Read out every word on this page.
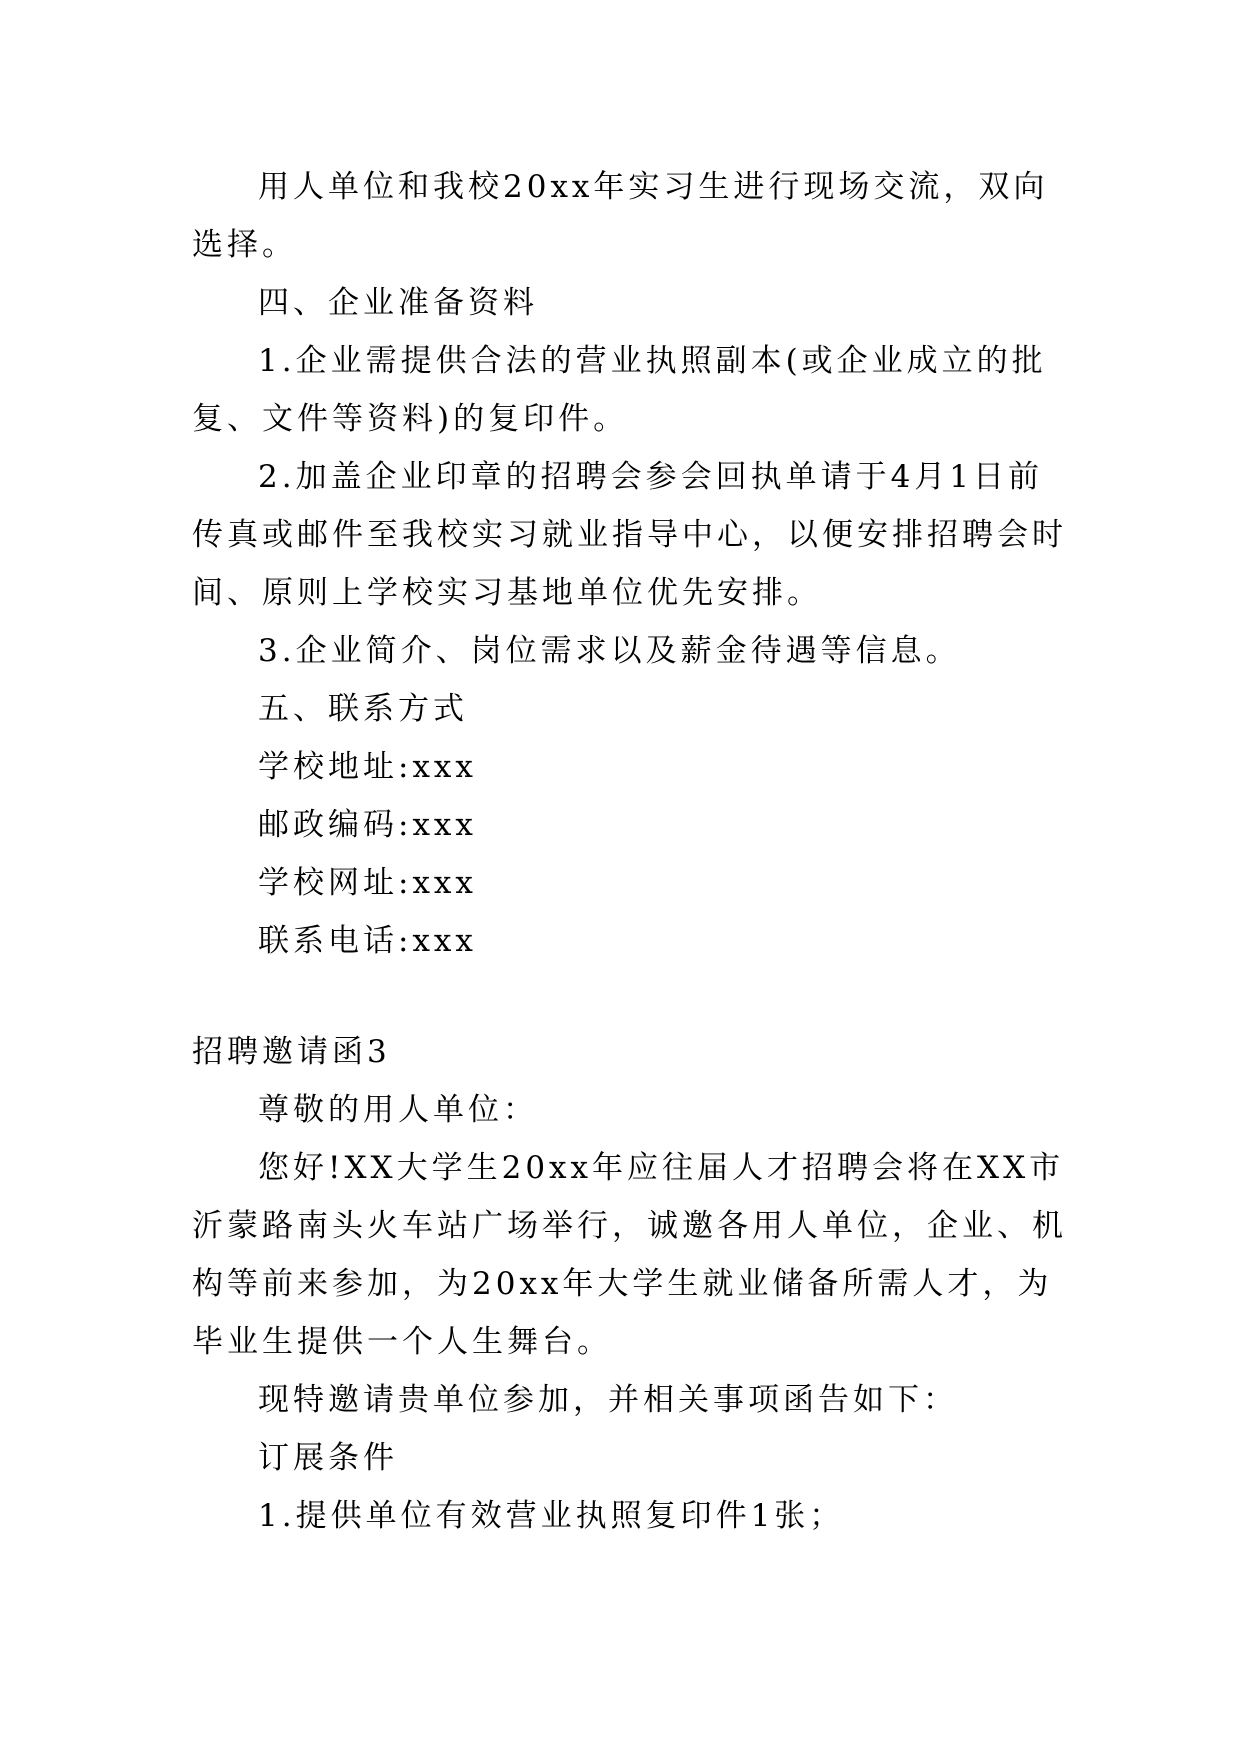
用人单位和我校20xx年实习生进行现场交流，双向选择。

四、企业准备资料

1.企业需提供合法的营业执照副本(或企业成立的批复、文件等资料)的复印件。

2.加盖企业印章的招聘会参会回执单请于4月1日前传真或邮件至我校实习就业指导中心，以便安排招聘会时间、原则上学校实习基地单位优先安排。

3.企业简介、岗位需求以及薪金待遇等信息。

五、联系方式

学校地址:xxx

邮政编码:xxx

学校网址:xxx

联系电话:xxx

招聘邀请函3

尊敬的用人单位：

您好!XX大学生20xx年应往届人才招聘会将在XX市沂蒙路南头火车站广场举行，诚邀各用人单位，企业、机构等前来参加，为20xx年大学生就业储备所需人才，为毕业生提供一个人生舞台。

现特邀请贵单位参加，并相关事项函告如下：

订展条件

1.提供单位有效营业执照复印件1张；
